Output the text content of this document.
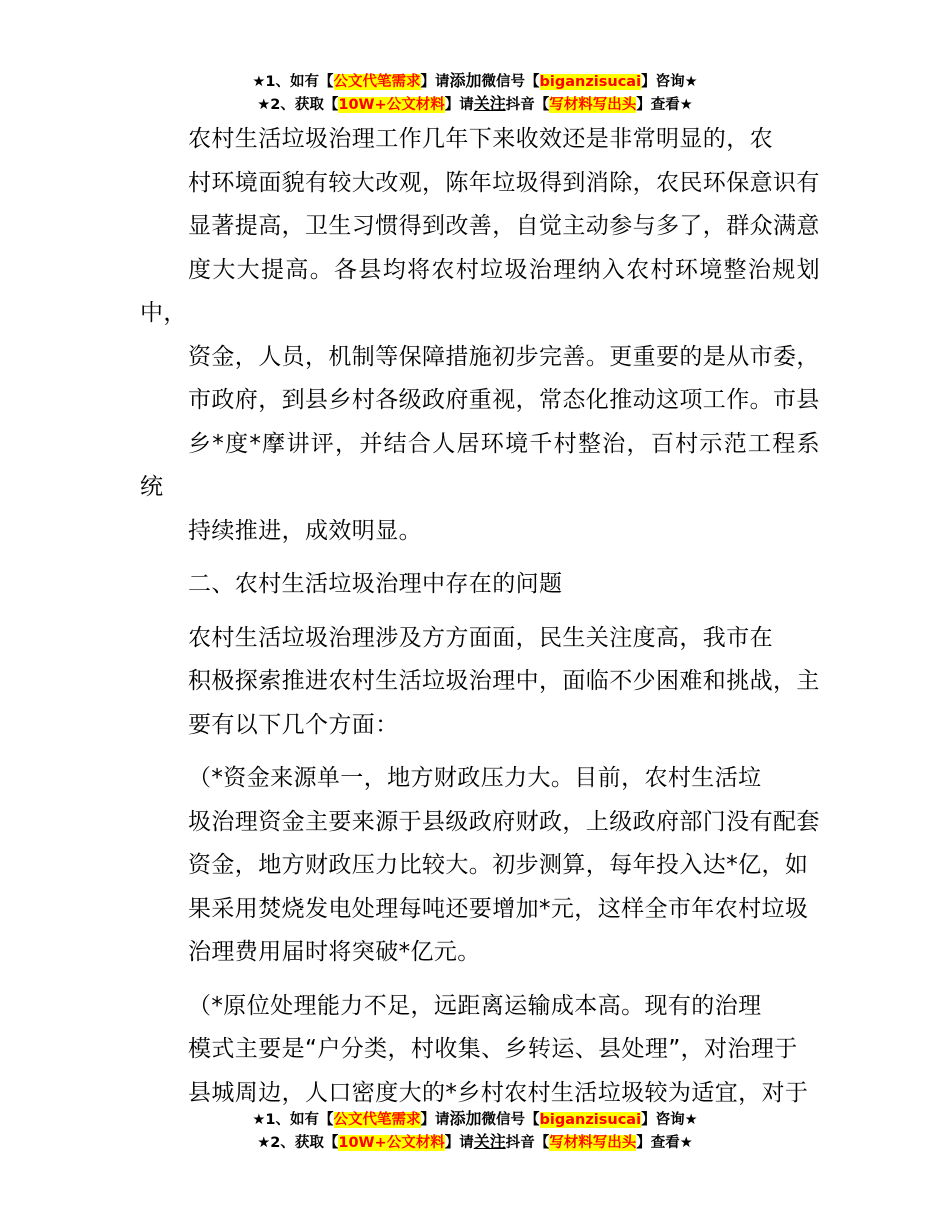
★1、如有【公文代笔需求】请添加微信号【biganzisucai】咨询★
★2、获取【10W+公文材料】请关注抖音【写材料写出头】查看★

农村生活垃圾治理工作几年下来收效还是非常明显的，农
村环境面貌有较大改观，陈年垃圾得到消除，农民环保意识有
显著提高，卫生习惯得到改善，自觉主动参与多了，群众满意
度大大提高。各县均将农村垃圾治理纳入农村环境整治规划中，
资金，人员，机制等保障措施初步完善。更重要的是从市委，
市政府，到县乡村各级政府重视，常态化推动这项工作。市县
乡*度*摩讲评，并结合人居环境千村整治，百村示范工程系统
持续推进，成效明显。

二、农村生活垃圾治理中存在的问题

农村生活垃圾治理涉及方方面面，民生关注度高，我市在
积极探索推进农村生活垃圾治理中，面临不少困难和挑战，主
要有以下几个方面：

（*资金来源单一，地方财政压力大。目前，农村生活垃
圾治理资金主要来源于县级政府财政，上级政府部门没有配套
资金，地方财政压力比较大。初步测算，每年投入达*亿，如
果采用焚烧发电处理每吨还要增加*元，这样全市年农村垃圾
治理费用届时将突破*亿元。

（*原位处理能力不足，远距离运输成本高。现有的治理
模式主要是“户分类，村收集、乡转运、县处理”，对治理于
县城周边，人口密度大的*乡村农村生活垃圾较为适宜，对于

★1、如有【公文代笔需求】请添加微信号【biganzisucai】咨询★
★2、获取【10W+公文材料】请关注抖音【写材料写出头】查看★
